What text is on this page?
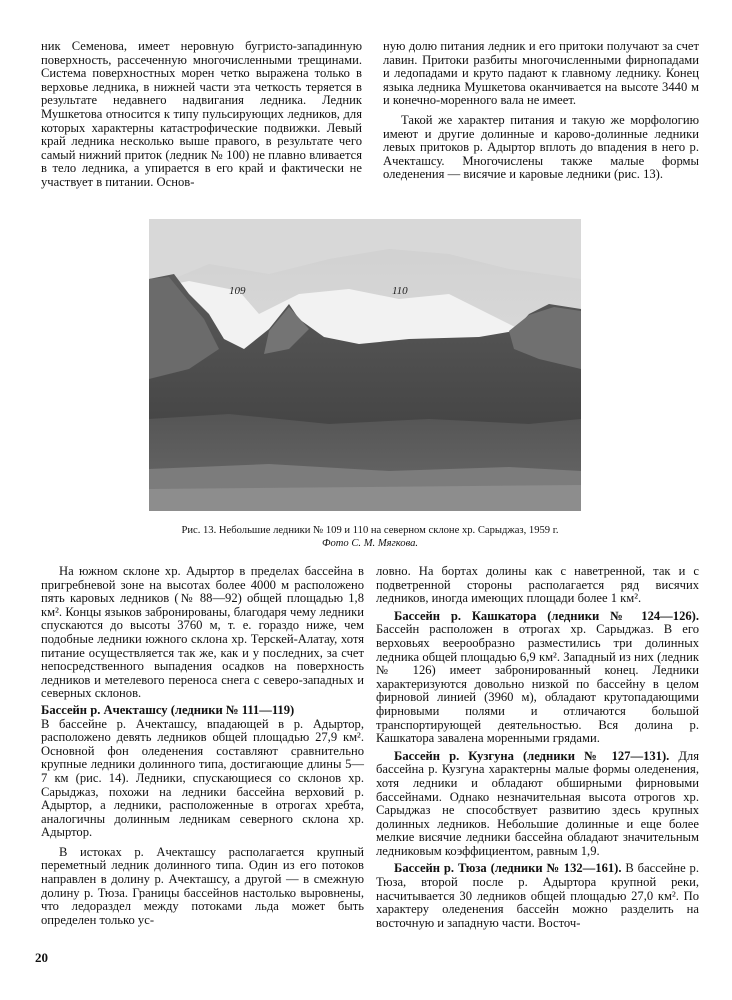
ник Семенова, имеет неровную бугристо-западинную поверхность, рассеченную многочисленными трещинами. Система поверхностных морен четко выражена только в верховье ледника, в нижней части эта четкость теряется в результате недавнего надвигания ледника. Ледник Мушкетова относится к типу пульсирующих ледников, для которых характерны катастрофические подвижки. Левый край ледника несколько выше правого, в результате чего самый нижний приток (ледник № 100) не плавно вливается в тело ледника, а упирается в его край и фактически не участвует в питании. Основ-

ную долю питания ледник и его притоки получают за счет лавин. Притоки разбиты многочисленными фирнопадами и ледопадами и круто падают к главному леднику. Конец языка ледника Мушкетова оканчивается на высоте 3440 м и конечно-моренного вала не имеет.

Такой же характер питания и такую же морфологию имеют и другие долинные и карово-долинные ледники левых притоков р. Адыртор вплоть до впадения в него р. Ачекташсу. Многочислены также малые формы оледенения — висячие и каровые ледники (рис. 13).

109	110
Рис. 13. Небольшие ледники № 109 и 110 на северном склоне хр. Сарыджаз, 1959 г.
Фото С. М. Мягкова.

На южном склоне хр. Адыртор в пределах бассейна в пригребневой зоне на высотах более 4000 м расположено пять каровых ледников (№ 88—92) общей площадью 1,8 км². Концы языков забронированы, благодаря чему ледники спускаются до высоты 3760 м, т. е. гораздо ниже, чем подобные ледники южного склона хр. Терскей-Алатау, хотя питание осуществляется так же, как и у последних, за счет непосредственного выпадения осадков на поверхность ледников и метелевого переноса снега с северо-западных и северных склонов.

Бассейн р. Ачекташсу (ледники № 111—119)

В бассейне р. Ачекташсу, впадающей в р. Адыртор, расположено девять ледников общей площадью 27,9 км². Основной фон оледенения составляют сравнительно крупные ледники долинного типа, достигающие длины 5—7 км (рис. 14). Ледники, спускающиеся со склонов хр. Сарыджаз, похожи на ледники бассейна верховий р. Адыртор, а ледники, расположенные в отрогах хребта, аналогичны долинным ледникам северного склона хр. Адыртор.

В истоках р. Ачекташсу располагается крупный переметный ледник долинного типа. Один из его потоков направлен в долину р. Ачекташсу, а другой — в смежную долину р. Тюза. Границы бассейнов настолько выровнены, что ледораздел между потоками льда может быть определен только ус-

ловно. На бортах долины как с наветренной, так и с подветренной стороны располагается ряд висячих ледников, иногда имеющих площади более 1 км².

Бассейн р. Кашкатора (ледники № 124—126). Бассейн расположен в отрогах хр. Сарыджаз. В его верховьях веерообразно разместились три долинных ледника общей площадью 6,9 км². Западный из них (ледник № 126) имеет забронированный конец. Ледники характеризуются довольно низкой по бассейну в целом фирновой линией (3960 м), обладают крутопадающими фирновыми полями и отличаются большой транспортирующей деятельностью. Вся долина р. Кашкатора завалена моренными грядами.

Бассейн р. Кузгуна (ледники № 127—131). Для бассейна р. Кузгуна характерны малые формы оледенения, хотя ледники и обладают обширными фирновыми бассейнами. Однако незначительная высота отрогов хр. Сарыджаз не способствует развитию здесь крупных долинных ледников. Небольшие долинные и еще более мелкие висячие ледники бассейна обладают значительным ледниковым коэффициентом, равным 1,9.

Бассейн р. Тюза (ледники № 132—161). В бассейне р. Тюза, второй после р. Адыртора крупной реки, насчитывается 30 ледников общей площадью 27,0 км². По характеру оледенения бассейн можно разделить на восточную и западную части. Восточ-

20
